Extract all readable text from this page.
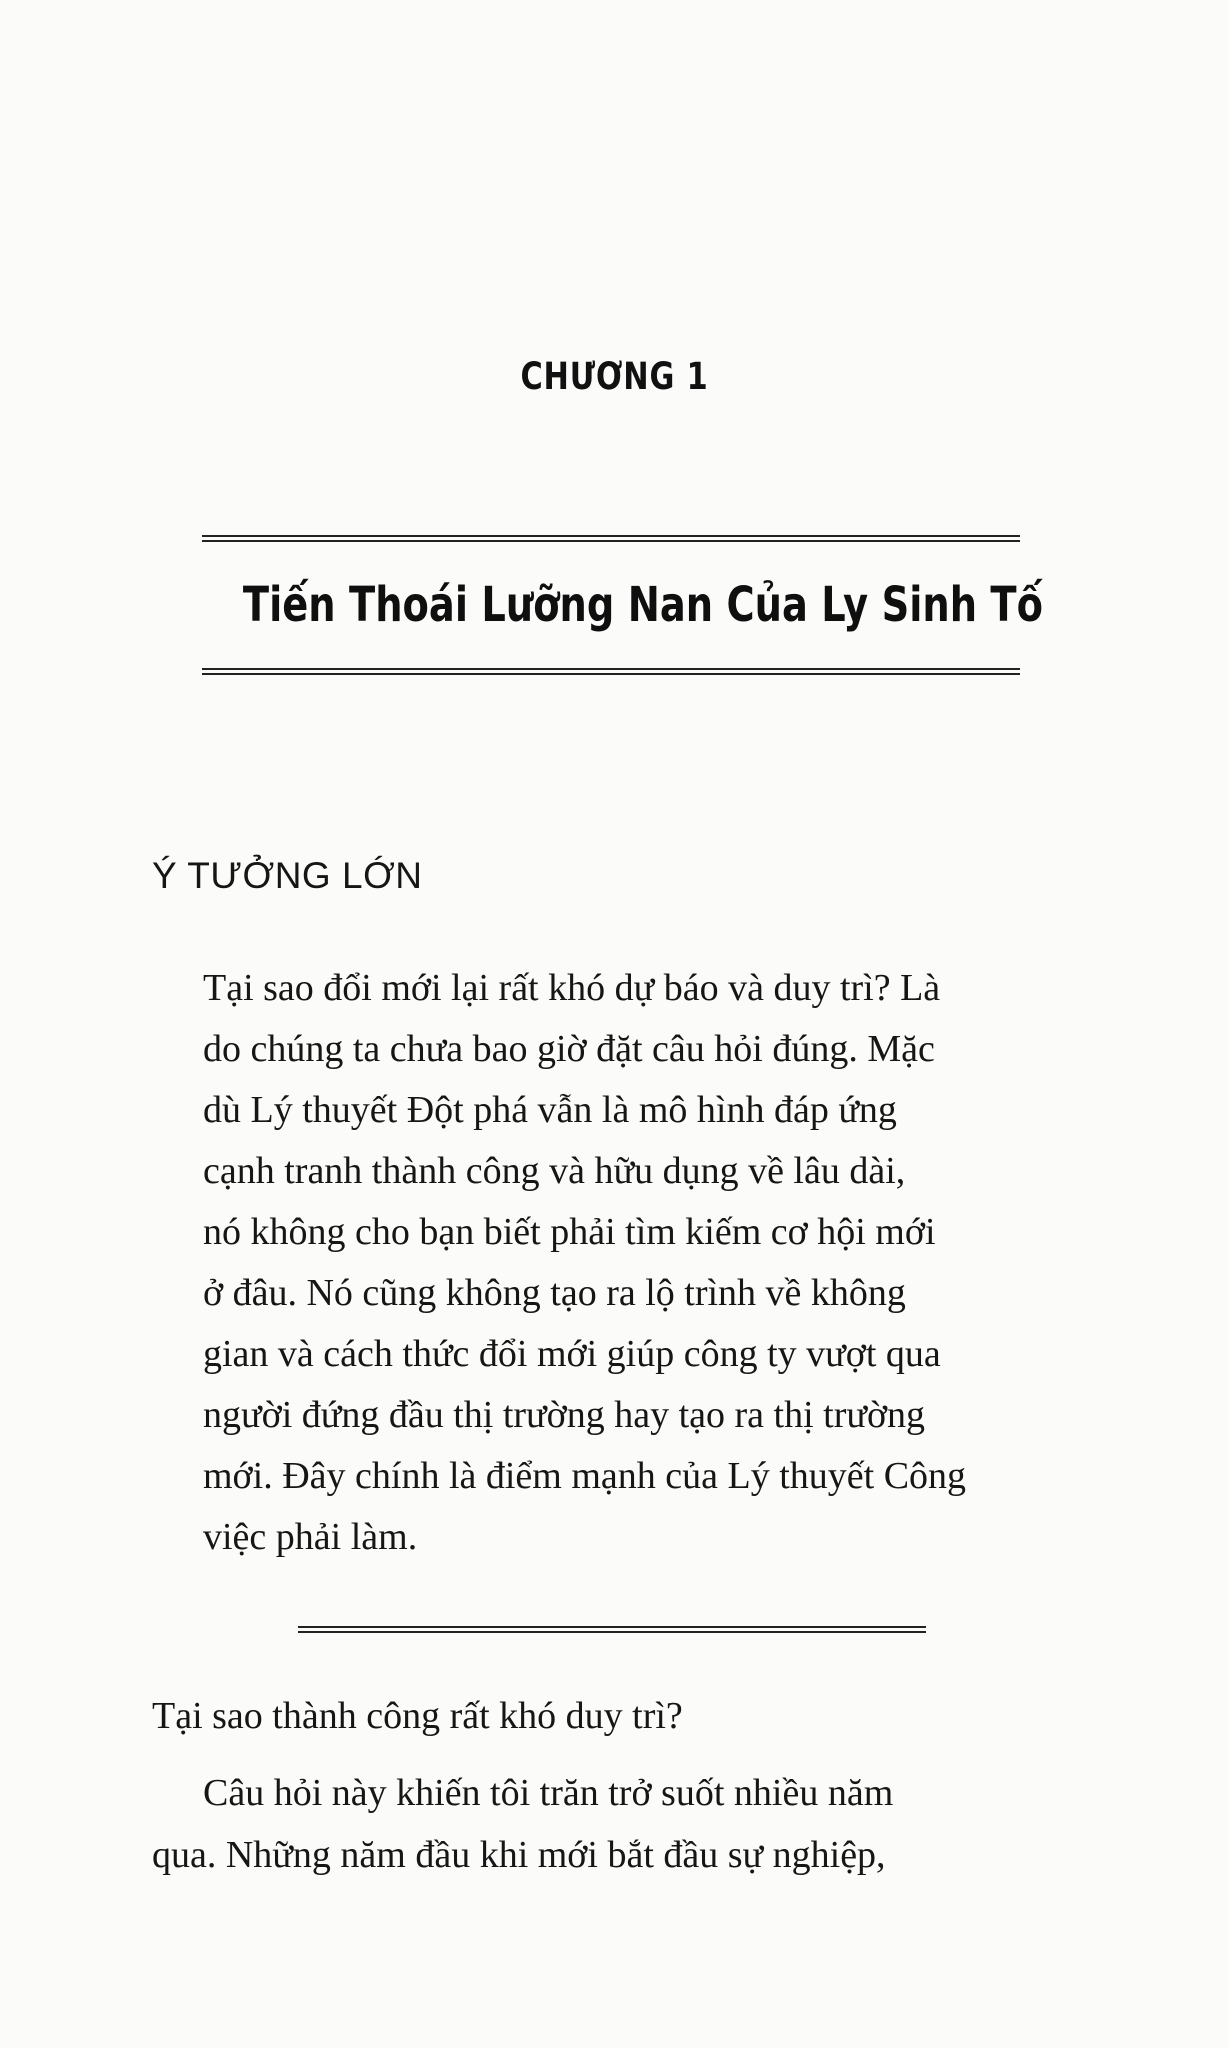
CHƯƠNG 1
Tiến Thoái Lưỡng Nan Của Ly Sinh Tố
Ý TƯỞNG LỚN
Tại sao đổi mới lại rất khó dự báo và duy trì? Là
do chúng ta chưa bao giờ đặt câu hỏi đúng. Mặc
dù Lý thuyết Đột phá vẫn là mô hình đáp ứng
cạnh tranh thành công và hữu dụng về lâu dài,
nó không cho bạn biết phải tìm kiếm cơ hội mới
ở đâu. Nó cũng không tạo ra lộ trình về không
gian và cách thức đổi mới giúp công ty vượt qua
người đứng đầu thị trường hay tạo ra thị trường
mới. Đây chính là điểm mạnh của Lý thuyết Công
việc phải làm.
Tại sao thành công rất khó duy trì?
Câu hỏi này khiến tôi trăn trở suốt nhiều năm
qua. Những năm đầu khi mới bắt đầu sự nghiệp,
